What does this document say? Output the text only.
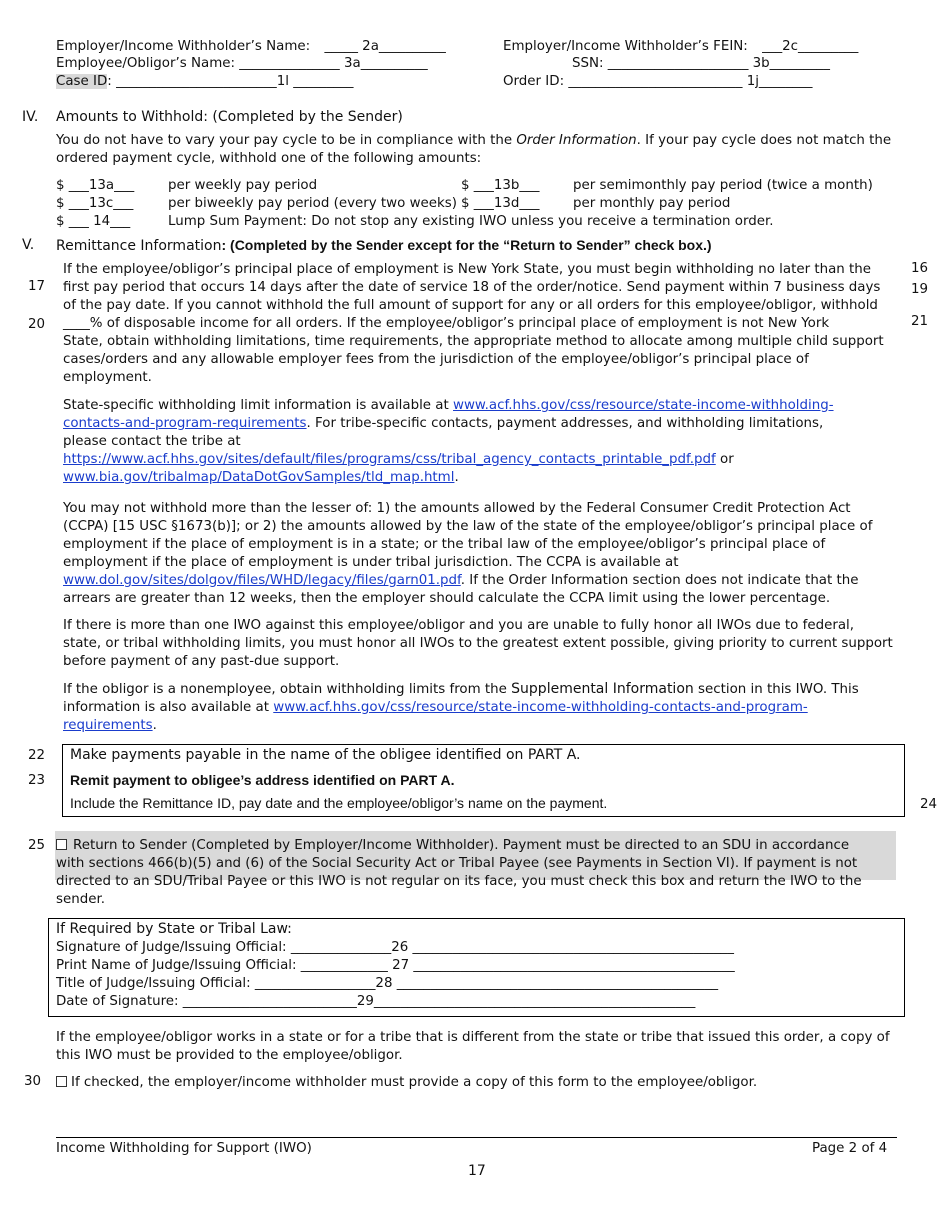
Employer/Income Withholder’s Name: _____ 2a__________	Employer/Income Withholder’s FEIN: ___2c_________
Employee/Obligor’s Name: _______________ 3a__________	SSN: _____________________ 3b_________
Case ID: ________________________1l _________	Order ID: __________________________ 1j________
IV. Amounts to Withhold: (Completed by the Sender)
You do not have to vary your pay cycle to be in compliance with the Order Information. If your pay cycle does not match the
ordered payment cycle, withhold one of the following amounts:
$ ___13a___	per weekly pay period	$ ___13b___	per semimonthly pay period (twice a month)
$ ___13c___	per biweekly pay period (every two weeks) $ ___13d___	per monthly pay period
$ ___ 14___	Lump Sum Payment: Do not stop any existing IWO unless you receive a termination order.
V. Remittance Information: (Completed by the Sender except for the “Return to Sender” check box.)
17
20
16
19
21
If the employee/obligor’s principal place of employment is New York State, you must begin withholding no later than the
first pay period that occurs 14 days after the date of service 18 of the order/notice. Send payment within 7 business days
of the pay date. If you cannot withhold the full amount of support for any or all orders for this employee/obligor, withhold
____% of disposable income for all orders. If the employee/obligor’s principal place of employment is not New York
State, obtain withholding limitations, time requirements, the appropriate method to allocate among multiple child support
cases/orders and any allowable employer fees from the jurisdiction of the employee/obligor’s principal place of
employment.
State-specific withholding limit information is available at www.acf.hhs.gov/css/resource/state-income-withholding-
contacts-and-program-requirements. For tribe-specific contacts, payment addresses, and withholding limitations,
please contact the tribe at
https://www.acf.hhs.gov/sites/default/files/programs/css/tribal_agency_contacts_printable_pdf.pdf or
www.bia.gov/tribalmap/DataDotGovSamples/tld_map.html.
You may not withhold more than the lesser of: 1) the amounts allowed by the Federal Consumer Credit Protection Act
(CCPA) [15 USC §1673(b)]; or 2) the amounts allowed by the law of the state of the employee/obligor’s principal place of
employment if the place of employment is in a state; or the tribal law of the employee/obligor’s principal place of
employment if the place of employment is under tribal jurisdiction. The CCPA is available at
www.dol.gov/sites/dolgov/files/WHD/legacy/files/garn01.pdf. If the Order Information section does not indicate that the
arrears are greater than 12 weeks, then the employer should calculate the CCPA limit using the lower percentage.
If there is more than one IWO against this employee/obligor and you are unable to fully honor all IWOs due to federal,
state, or tribal withholding limits, you must honor all IWOs to the greatest extent possible, giving priority to current support
before payment of any past-due support.
If the obligor is a nonemployee, obtain withholding limits from the Supplemental Information section in this IWO. This
information is also available at www.acf.hhs.gov/css/resource/state-income-withholding-contacts-and-program-
requirements.
22
23
24
Make payments payable in the name of the obligee identified on PART A.
Remit payment to obligee’s address identified on PART A.
Include the Remittance ID, pay date and the employee/obligor’s name on the payment.
25	Return to Sender (Completed by Employer/Income Withholder). Payment must be directed to an SDU in accordance
with sections 466(b)(5) and (6) of the Social Security Act or Tribal Payee (see Payments in Section VI). If payment is not
directed to an SDU/Tribal Payee or this IWO is not regular on its face, you must check this box and return the IWO to the
sender.
If Required by State or Tribal Law:
Signature of Judge/Issuing Official: _______________26 ________________________________________________
Print Name of Judge/Issuing Official: _____________ 27 ________________________________________________
Title of Judge/Issuing Official: __________________28 ________________________________________________
Date of Signature: __________________________29________________________________________________
If the employee/obligor works in a state or for a tribe that is different from the state or tribe that issued this order, a copy of
this IWO must be provided to the employee/obligor.
30	If checked, the employer/income withholder must provide a copy of this form to the employee/obligor.
Income Withholding for Support (IWO)	Page 2 of 4
17
